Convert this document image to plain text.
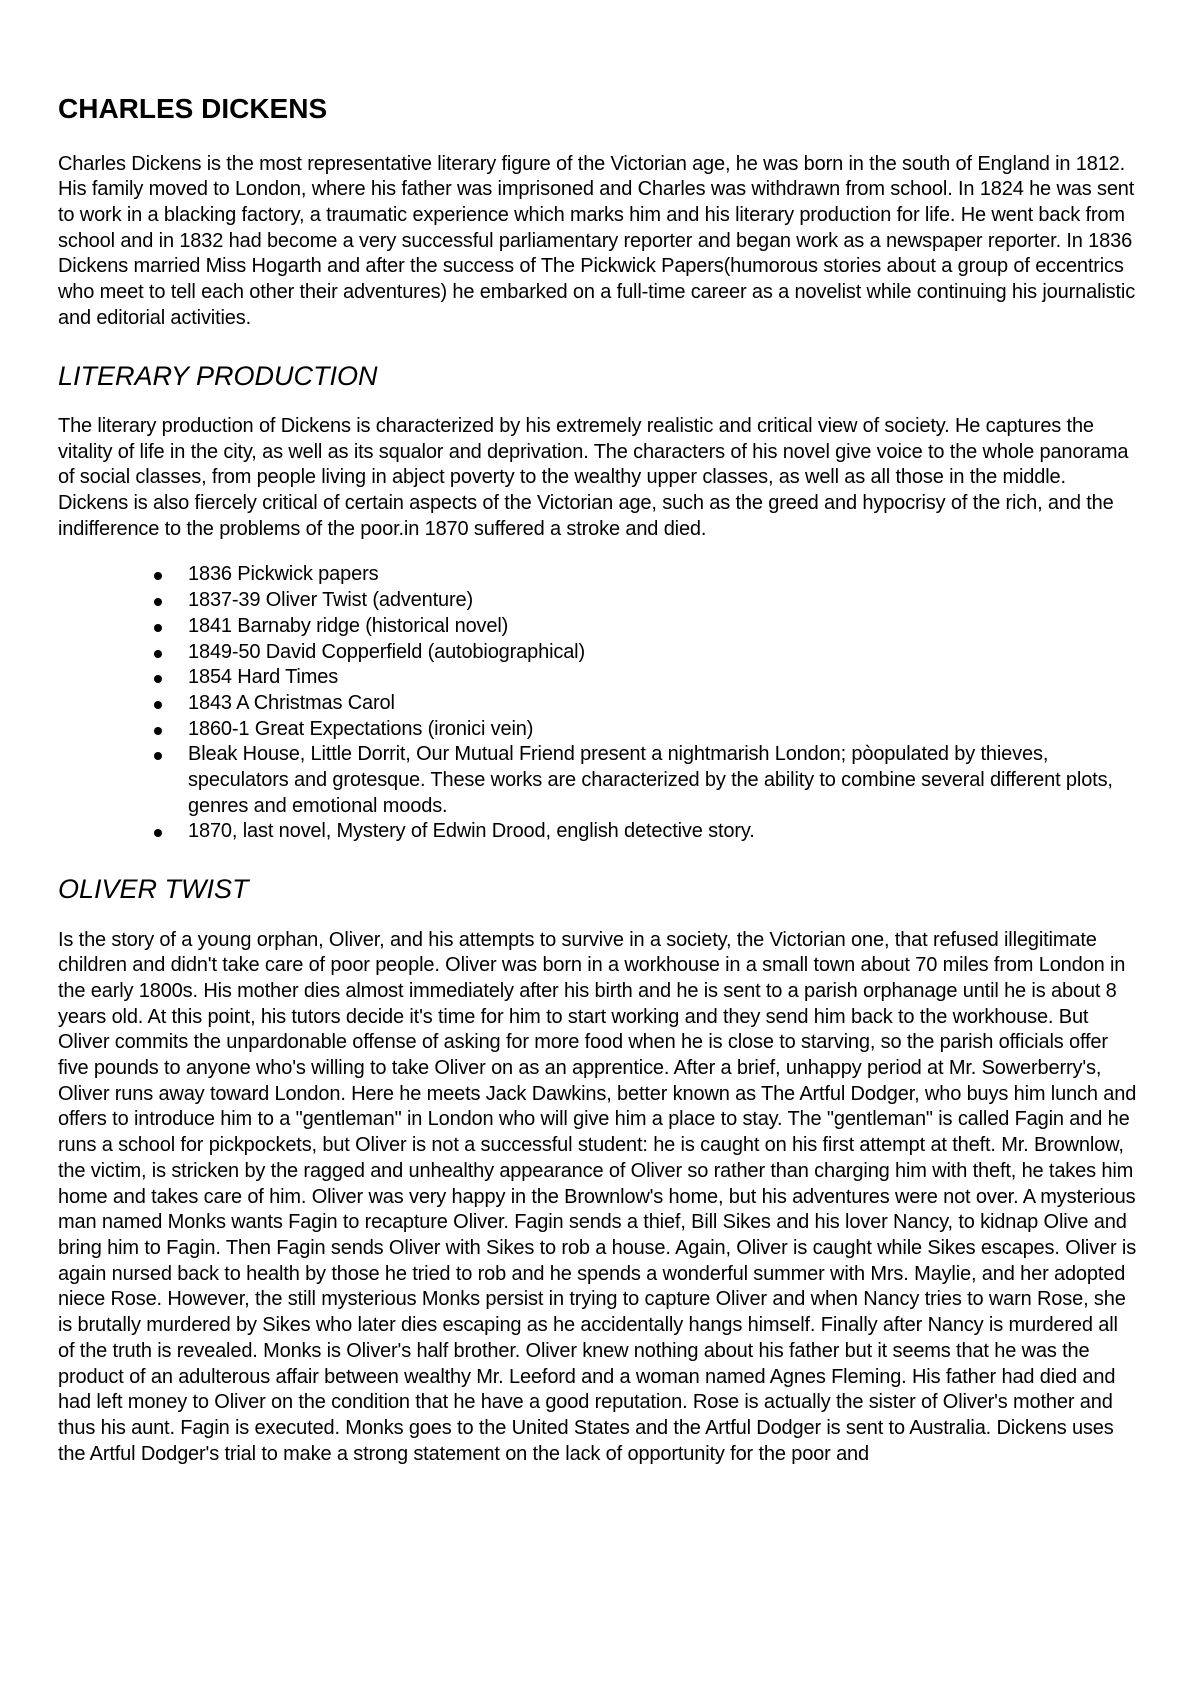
CHARLES DICKENS

Charles Dickens is the most representative literary figure of the Victorian age, he was born in the south of England in 1812. His family moved to London, where his father was imprisoned and Charles was withdrawn from school. In 1824 he was sent to work in a blacking factory, a traumatic experience which marks him and his literary production for life. He went back from school and in 1832 had become a very successful parliamentary reporter and began work as a newspaper reporter. In 1836 Dickens married Miss Hogarth and after the success of The Pickwick Papers(humorous stories about a group of eccentrics who meet to tell each other their adventures) he embarked on a full-time career as a novelist while continuing his journalistic and editorial activities.

LITERARY PRODUCTION

The literary production of Dickens is characterized by his extremely realistic and critical view of society. He captures the vitality of life in the city, as well as its squalor and deprivation. The characters of his novel give voice to the whole panorama of social classes, from people living in abject poverty to the wealthy upper classes, as well as all those in the middle. Dickens is also fiercely critical of certain aspects of the Victorian age, such as the greed and hypocrisy of the rich, and the indifference to the problems of the poor.in 1870 suffered a stroke and died.

1836 Pickwick papers
1837-39 Oliver Twist (adventure)
1841 Barnaby ridge (historical novel)
1849-50 David Copperfield (autobiographical)
1854 Hard Times
1843 A Christmas Carol
1860-1 Great Expectations (ironici vein)
Bleak House, Little Dorrit, Our Mutual Friend present a nightmarish London; pòopulated by thieves, speculators and grotesque. These works are characterized by the ability to combine several different plots, genres and emotional moods.
1870, last novel, Mystery of Edwin Drood, english detective story.
OLIVER TWIST

Is the story of a young orphan, Oliver, and his attempts to survive in a society, the Victorian one, that refused illegitimate children and didn't take care of poor people. Oliver was born in a workhouse in a small town about 70 miles from London in the early 1800s. His mother dies almost immediately after his birth and he is sent to a parish orphanage until he is about 8 years old. At this point, his tutors decide it's time for him to start working and they send him back to the workhouse. But Oliver commits the unpardonable offense of asking for more food when he is close to starving, so the parish officials offer five pounds to anyone who's willing to take Oliver on as an apprentice. After a brief, unhappy period at Mr. Sowerberry's, Oliver runs away toward London. Here he meets Jack Dawkins, better known as The Artful Dodger, who buys him lunch and offers to introduce him to a "gentleman" in London who will give him a place to stay. The "gentleman" is called Fagin and he runs a school for pickpockets, but Oliver is not a successful student: he is caught on his first attempt at theft. Mr. Brownlow, the victim, is stricken by the ragged and unhealthy appearance of Oliver so rather than charging him with theft, he takes him home and takes care of him. Oliver was very happy in the Brownlow's home, but his adventures were not over. A mysterious man named Monks wants Fagin to recapture Oliver. Fagin sends a thief, Bill Sikes and his lover Nancy, to kidnap Olive and bring him to Fagin. Then Fagin sends Oliver with Sikes to rob a house. Again, Oliver is caught while Sikes escapes. Oliver is again nursed back to health by those he tried to rob and he spends a wonderful summer with Mrs. Maylie, and her adopted niece Rose. However, the still mysterious Monks persist in trying to capture Oliver and when Nancy tries to warn Rose, she is brutally murdered by Sikes who later dies escaping as he accidentally hangs himself. Finally after Nancy is murdered all of the truth is revealed. Monks is Oliver's half brother. Oliver knew nothing about his father but it seems that he was the product of an adulterous affair between wealthy Mr. Leeford and a woman named Agnes Fleming. His father had died and had left money to Oliver on the condition that he have a good reputation. Rose is actually the sister of Oliver's mother and thus his aunt. Fagin is executed. Monks goes to the United States and the Artful Dodger is sent to Australia. Dickens uses the Artful Dodger's trial to make a strong statement on the lack of opportunity for the poor and
